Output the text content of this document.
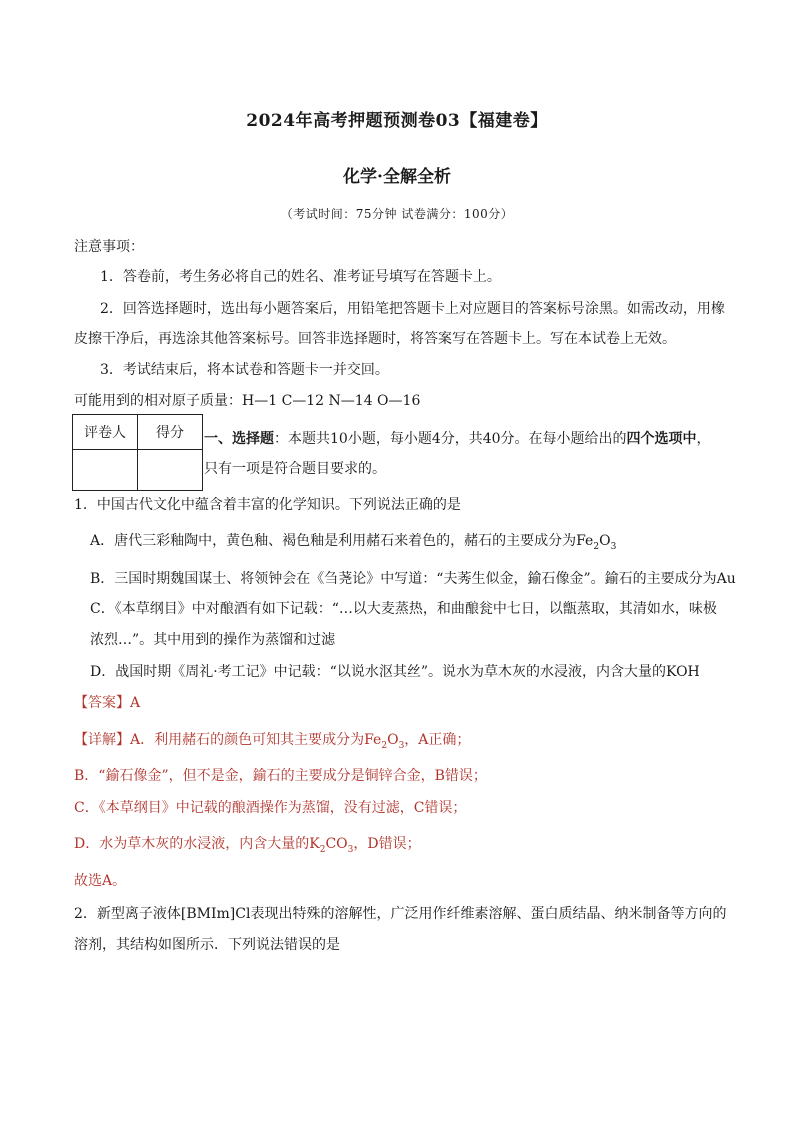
2024年高考押题预测卷03【福建卷】
化学·全解全析
（考试时间：75分钟 试卷满分：100分）
注意事项：
1．答卷前，考生务必将自己的姓名、准考证号填写在答题卡上。
2．回答选择题时，选出每小题答案后，用铅笔把答题卡上对应题目的答案标号涂黑。如需改动，用橡
皮擦干净后，再选涂其他答案标号。回答非选择题时，将答案写在答题卡上。写在本试卷上无效。
3．考试结束后，将本试卷和答题卡一并交回。
可能用到的相对原子质量：H—1 C—12 N—14 O—16
评卷人	得分
	一、选择题：本题共10小题，每小题4分，共40分。在每小题给出的四个选项中，
只有一项是符合题目要求的。
1．中国古代文化中蕴含着丰富的化学知识。下列说法正确的是
A．唐代三彩釉陶中，黄色釉、褐色釉是利用赭石来着色的，赭石的主要成分为$Fe_2O_3$
B．三国时期魏国谋士、将领钟会在《刍荛论》中写道：“夫莠生似金，鍮石像金”。鍮石的主要成分为Au
C．《本草纲目》中对酿酒有如下记载：“…以大麦蒸热，和曲酿瓮中七日，以甑蒸取，其清如水，味极
浓烈…”。其中用到的操作为蒸馏和过滤
D．战国时期《周礼·考工记》中记载：“以说水沤其丝”。说水为草木灰的水浸液，内含大量的KOH
【答案】A
【详解】A．利用赭石的颜色可知其主要成分为$Fe_2O_3$，A正确；
B．“鍮石像金”，但不是金，鍮石的主要成分是铜锌合金，B错误；
C．《本草纲目》中记载的酿酒操作为蒸馏，没有过滤，C错误；
D．水为草木灰的水浸液，内含大量的$K_2CO_3$，D错误；
故选A。
2．新型离子液体[BMIm]Cl表现出特殊的溶解性，广泛用作纤维素溶解、蛋白质结晶、纳米制备等方向的
溶剂，其结构如图所示．下列说法错误的是
